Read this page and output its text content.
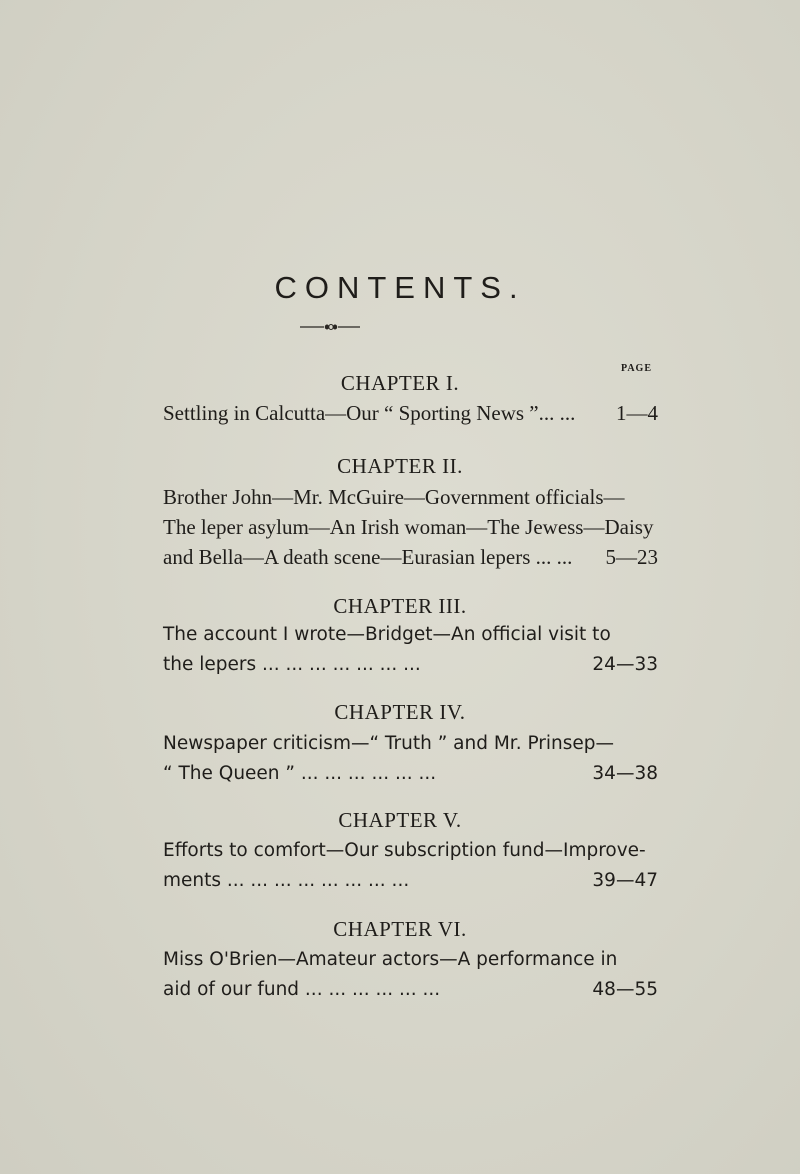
CONTENTS.
PAGE
CHAPTER I.
Settling in Calcutta—Our “ Sporting News ”... ... 1—4
CHAPTER II.
Brother John—Mr. McGuire—Government officials—
The leper asylum—An Irish woman—The Jewess—Daisy
and Bella—A death scene—Eurasian lepers ... ... 5—23
CHAPTER III.
The account I wrote—Bridget—An official visit to
the lepers ... ... ... ... ... ... ...	24—33
CHAPTER IV.
Newspaper criticism—“ Truth ” and Mr. Prinsep—
“ The Queen ” ... ... ... ... ... ...	34—38
CHAPTER V.
Efforts to comfort—Our subscription fund—Improve-
ments ... ... ... ... ... ... ... ...	39—47
CHAPTER VI.
Miss O'Brien—Amateur actors—A performance in
aid of our fund ... ... ... ... ... ...	48—55
